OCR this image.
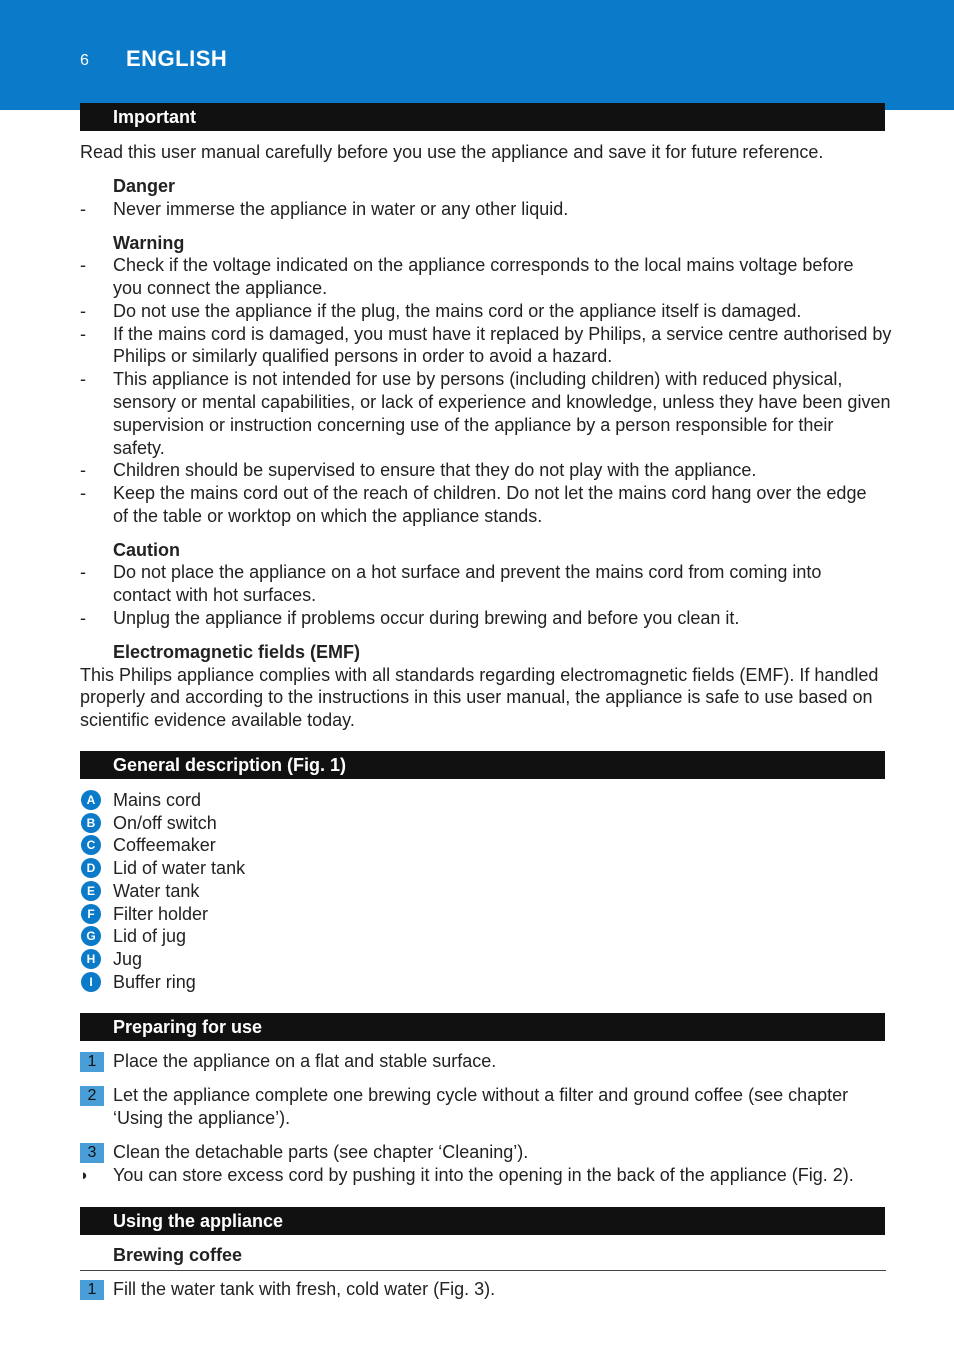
6 ENGLISH
Important
Read this user manual carefully before you use the appliance and save it for future reference.
Danger
- Never immerse the appliance in water or any other liquid.
Warning
- Check if the voltage indicated on the appliance corresponds to the local mains voltage before
you connect the appliance.
- Do not use the appliance if the plug, the mains cord or the appliance itself is damaged.
- If the mains cord is damaged, you must have it replaced by Philips, a service centre authorised by
Philips or similarly qualified persons in order to avoid a hazard.
- This appliance is not intended for use by persons (including children) with reduced physical,
sensory or mental capabilities, or lack of experience and knowledge, unless they have been given
supervision or instruction concerning use of the appliance by a person responsible for their
safety.
- Children should be supervised to ensure that they do not play with the appliance.
- Keep the mains cord out of the reach of children. Do not let the mains cord hang over the edge
of the table or worktop on which the appliance stands.
Caution
- Do not place the appliance on a hot surface and prevent the mains cord from coming into
contact with hot surfaces.
- Unplug the appliance if problems occur during brewing and before you clean it.
Electromagnetic fields (EMF)
This Philips appliance complies with all standards regarding electromagnetic fields (EMF). If handled
properly and according to the instructions in this user manual, the appliance is safe to use based on
scientific evidence available today.
General description (Fig. 1)
A Mains cord
B On/off switch
C Coffeemaker
D Lid of water tank
E	Water tank
F	Filter holder
G Lid of jug
H Jug
I	Buffer ring
Preparing for use
1 Place the appliance on a flat and stable surface.
2 Let the appliance complete one brewing cycle without a filter and ground coffee (see chapter
‘Using the appliance’).
3 Clean the detachable parts (see chapter ‘Cleaning’).
◗ You can store excess cord by pushing it into the opening in the back of the appliance (Fig. 2).
Using the appliance
Brewing coffee
1 Fill the water tank with fresh, cold water (Fig. 3).
